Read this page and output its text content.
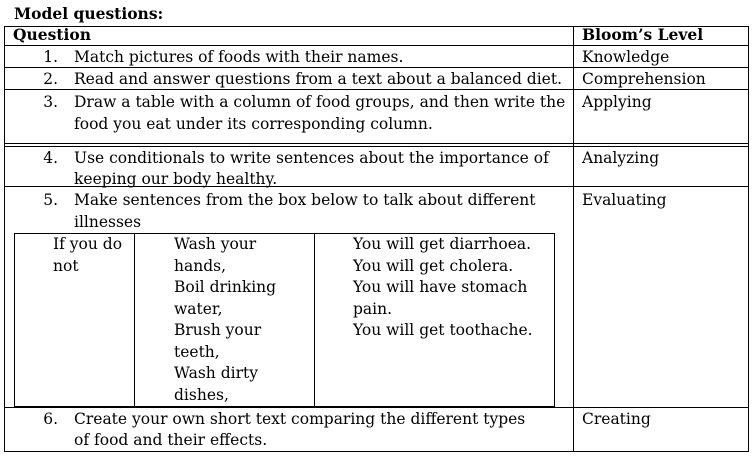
Model questions:
Question	Bloom’s Level
1. Match pictures of foods with their names.	Knowledge
2. Read and answer questions from a text about a balanced diet. Comprehension
3. Draw a table with a column of food groups, and then write the
food you eat under its corresponding column.
Applying
4. Use conditionals to write sentences about the importance of
keeping our body healthy.
Analyzing
5. Make sentences from the box below to talk about different
illnesses
Evaluating
If you do
not
Wash your
hands,
Boil drinking
water,
Brush your
teeth,
Wash dirty
dishes,
You will get diarrhoea.
You will get cholera.
You will have stomach
pain.
You will get toothache.
6. Create your own short text comparing the different types
of food and their effects.
Creating
